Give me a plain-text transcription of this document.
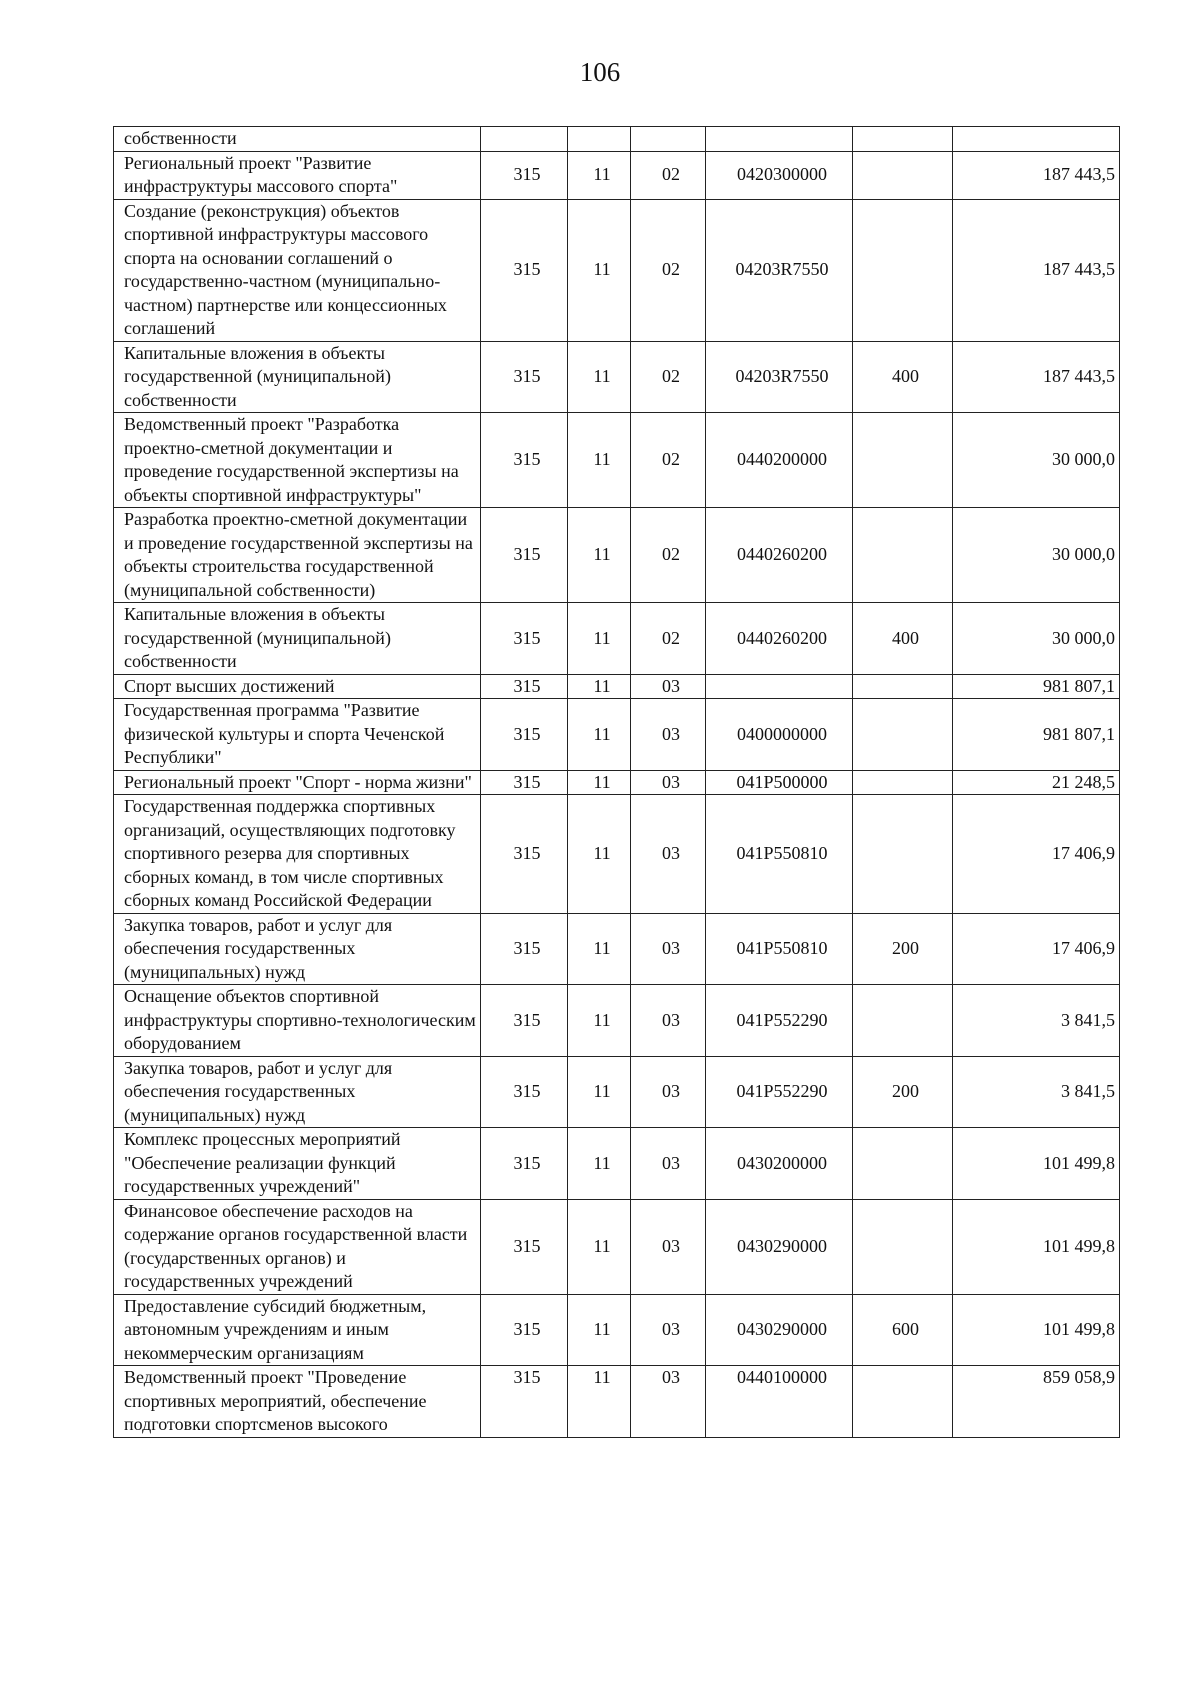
106
собственности						
Региональный проект "Развитие инфраструктуры массового спорта"	315	11	02	0420300000		187 443,5
Создание (реконструкция) объектов спортивной инфраструктуры массового спорта на основании соглашений о государственно-частном (муниципально-частном) партнерстве или концессионных соглашений	315	11	02	04203R7550		187 443,5
Капитальные вложения в объекты государственной (муниципальной) собственности	315	11	02	04203R7550	400	187 443,5
Ведомственный проект "Разработка проектно-сметной документации и проведение государственной экспертизы на объекты спортивной инфраструктуры"	315	11	02	0440200000		30 000,0
Разработка проектно-сметной документации и проведение государственной экспертизы на объекты строительства государственной (муниципальной собственности)	315	11	02	0440260200		30 000,0
Капитальные вложения в объекты государственной (муниципальной) собственности	315	11	02	0440260200	400	30 000,0
Спорт высших достижений	315	11	03			981 807,1
Государственная программа "Развитие физической культуры и спорта Чеченской Республики"	315	11	03	0400000000		981 807,1
Региональный проект "Спорт - норма жизни"	315	11	03	041P500000		21 248,5
Государственная поддержка спортивных организаций, осуществляющих подготовку спортивного резерва для спортивных сборных команд, в том числе спортивных сборных команд Российской Федерации	315	11	03	041P550810		17 406,9
Закупка товаров, работ и услуг для обеспечения государственных (муниципальных) нужд	315	11	03	041P550810	200	17 406,9
Оснащение объектов спортивной инфраструктуры спортивно-технологическим оборудованием	315	11	03	041P552290		3 841,5
Закупка товаров, работ и услуг для обеспечения государственных (муниципальных) нужд	315	11	03	041P552290	200	3 841,5
Комплекс процессных мероприятий "Обеспечение реализации функций государственных учреждений"	315	11	03	0430200000		101 499,8
Финансовое обеспечение расходов на содержание органов государственной власти (государственных органов) и государственных учреждений	315	11	03	0430290000		101 499,8
Предоставление субсидий бюджетным, автономным учреждениям и иным некоммерческим организациям	315	11	03	0430290000	600	101 499,8
Ведомственный проект "Проведение спортивных мероприятий, обеспечение подготовки спортсменов высокого	315	11	03	0440100000		859 058,9
